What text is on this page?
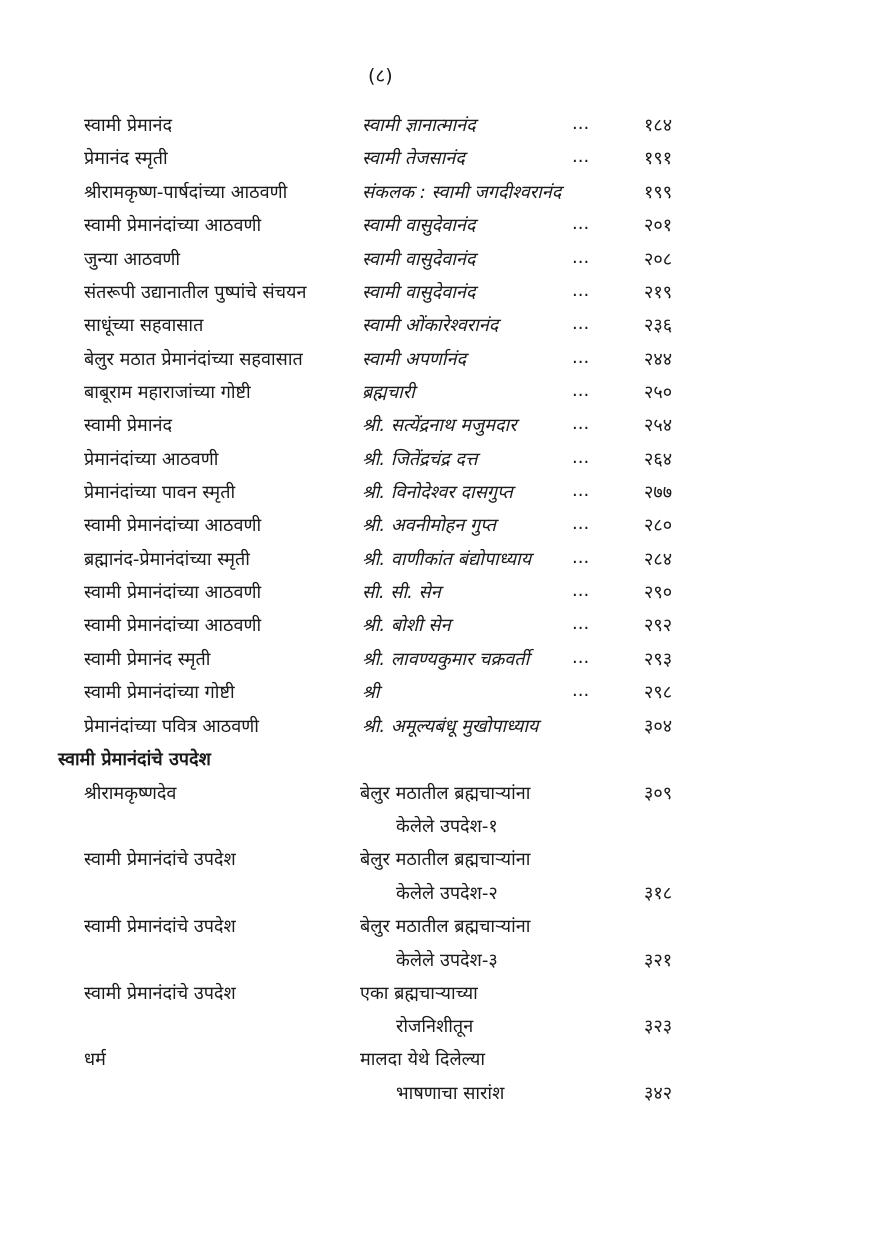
(८)
स्वामी प्रेमानंद	स्वामी ज्ञानात्मानंद	...	१८४
प्रेमानंद स्मृती	स्वामी तेजसानंद	...	१९१
श्रीरामकृष्ण-पार्षदांच्या आठवणी	संकलक : स्वामी जगदीश्वरानंद	१९९
स्वामी प्रेमानंदांच्या आठवणी	स्वामी वासुदेवानंद	...	२०१
जुन्या आठवणी	स्वामी वासुदेवानंद	...	२०८
संतरूपी उद्यानातील पुष्पांचे संचयन	स्वामी वासुदेवानंद	...	२१९
साधूंच्या सहवासात	स्वामी ओंकारेश्वरानंद	...	२३६
बेलुर मठात प्रेमानंदांच्या सहवासात	स्वामी अपर्णानंद	...	२४४
बाबूराम महाराजांच्या गोष्टी	ब्रह्मचारी	...	२५०
स्वामी प्रेमानंद	श्री. सत्येंद्रनाथ मजुमदार	...	२५४
प्रेमानंदांच्या आठवणी	श्री. जितेंद्रचंद्र दत्त	...	२६४
प्रेमानंदांच्या पावन स्मृती	श्री. विनोदेश्वर दासगुप्त	...	२७७
स्वामी प्रेमानंदांच्या आठवणी	श्री. अवनीमोहन गुप्त	...	२८०
ब्रह्मानंद-प्रेमानंदांच्या स्मृती	श्री. वाणीकांत बंद्योपाध्याय ...	२८४
स्वामी प्रेमानंदांच्या आठवणी	सी. सी. सेन	...	२९०
स्वामी प्रेमानंदांच्या आठवणी	श्री. बोशी सेन	...	२९२
स्वामी प्रेमानंद स्मृती	श्री. लावण्यकुमार चक्रवर्ती ...	२९३
स्वामी प्रेमानंदांच्या गोष्टी	श्री	...	२९८
प्रेमानंदांच्या पवित्र आठवणी	श्री. अमूल्यबंधू मुखोपाध्याय	३०४
स्वामी प्रेमानंदांचे उपदेश
श्रीरामकृष्णदेव	बेलुर मठातील ब्रह्मचाऱ्यांना	३०९
केलेले उपदेश-१
स्वामी प्रेमानंदांचे उपदेश	बेलुर मठातील ब्रह्मचाऱ्यांना
केलेले उपदेश-२	३१८
स्वामी प्रेमानंदांचे उपदेश	बेलुर मठातील ब्रह्मचाऱ्यांना
केलेले उपदेश-३	३२१
स्वामी प्रेमानंदांचे उपदेश	एका ब्रह्मचाऱ्याच्या
रोजनिशीतून	३२३
धर्म	मालदा येथे दिलेल्या
भाषणाचा सारांश	३४२
